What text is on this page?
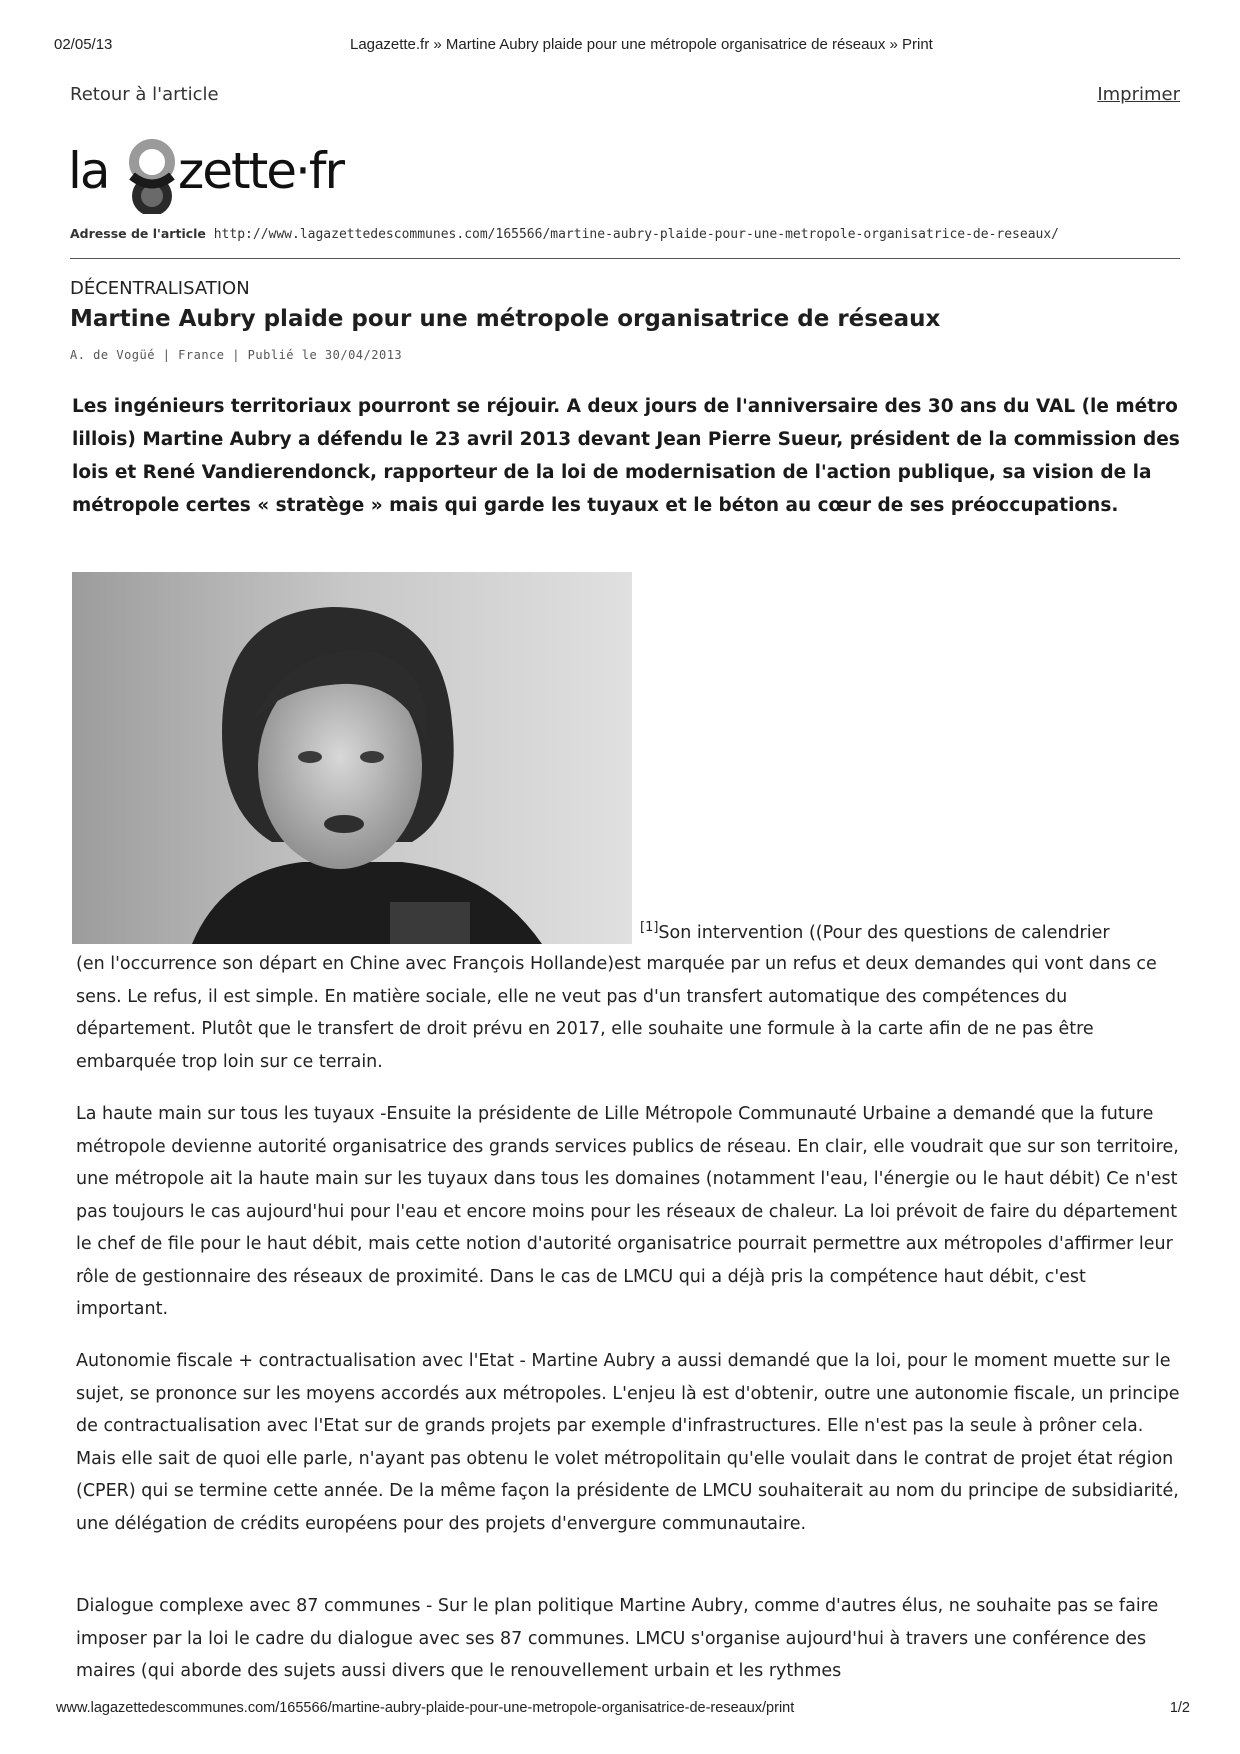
02/05/13	Lagazette.fr » Martine Aubry plaide pour une métropole organisatrice de réseaux » Print
Retour à l'article	Imprimer
la zette·fr
Adresse de l'article http://www.lagazettedescommunes.com/165566/martine-aubry-plaide-pour-une-metropole-organisatrice-de-reseaux/
DÉCENTRALISATION
Martine Aubry plaide pour une métropole organisatrice de réseaux
A. de Vogüé | France | Publié le 30/04/2013
Les ingénieurs territoriaux pourront se réjouir. A deux jours de l'anniversaire des 30 ans du VAL (le métro lillois) Martine Aubry a défendu le 23 avril 2013 devant Jean Pierre Sueur, président de la commission des lois et René Vandierendonck, rapporteur de la loi de modernisation de l'action publique, sa vision de la métropole certes « stratège » mais qui garde les tuyaux et le béton au cœur de ses préoccupations.
[1]Son intervention ((Pour des questions de calendrier
(en l'occurrence son départ en Chine avec François Hollande)est marquée par un refus et deux demandes qui vont dans ce sens. Le refus, il est simple. En matière sociale, elle ne veut pas d'un transfert automatique des compétences du département. Plutôt que le transfert de droit prévu en 2017, elle souhaite une formule à la carte afin de ne pas être embarquée trop loin sur ce terrain.
La haute main sur tous les tuyaux -Ensuite la présidente de Lille Métropole Communauté Urbaine a demandé que la future métropole devienne autorité organisatrice des grands services publics de réseau. En clair, elle voudrait que sur son territoire, une métropole ait la haute main sur les tuyaux dans tous les domaines (notamment l'eau, l'énergie ou le haut débit) Ce n'est pas toujours le cas aujourd'hui pour l'eau et encore moins pour les réseaux de chaleur. La loi prévoit de faire du département le chef de file pour le haut débit, mais cette notion d'autorité organisatrice pourrait permettre aux métropoles d'affirmer leur rôle de gestionnaire des réseaux de proximité. Dans le cas de LMCU qui a déjà pris la compétence haut débit, c'est important.
Autonomie fiscale + contractualisation avec l'Etat - Martine Aubry a aussi demandé que la loi, pour le moment muette sur le sujet, se prononce sur les moyens accordés aux métropoles. L'enjeu là est d'obtenir, outre une autonomie fiscale, un principe de contractualisation avec l'Etat sur de grands projets par exemple d'infrastructures. Elle n'est pas la seule à prôner cela. Mais elle sait de quoi elle parle, n'ayant pas obtenu le volet métropolitain qu'elle voulait dans le contrat de projet état région (CPER) qui se termine cette année. De la même façon la présidente de LMCU souhaiterait au nom du principe de subsidiarité, une délégation de crédits européens pour des projets d'envergure communautaire.
Dialogue complexe avec 87 communes - Sur le plan politique Martine Aubry, comme d'autres élus, ne souhaite pas se faire imposer par la loi le cadre du dialogue avec ses 87 communes. LMCU s'organise aujourd'hui à travers une conférence des maires (qui aborde des sujets aussi divers que le renouvellement urbain et les rythmes
www.lagazettedescommunes.com/165566/martine-aubry-plaide-pour-une-metropole-organisatrice-de-reseaux/print	1/2
